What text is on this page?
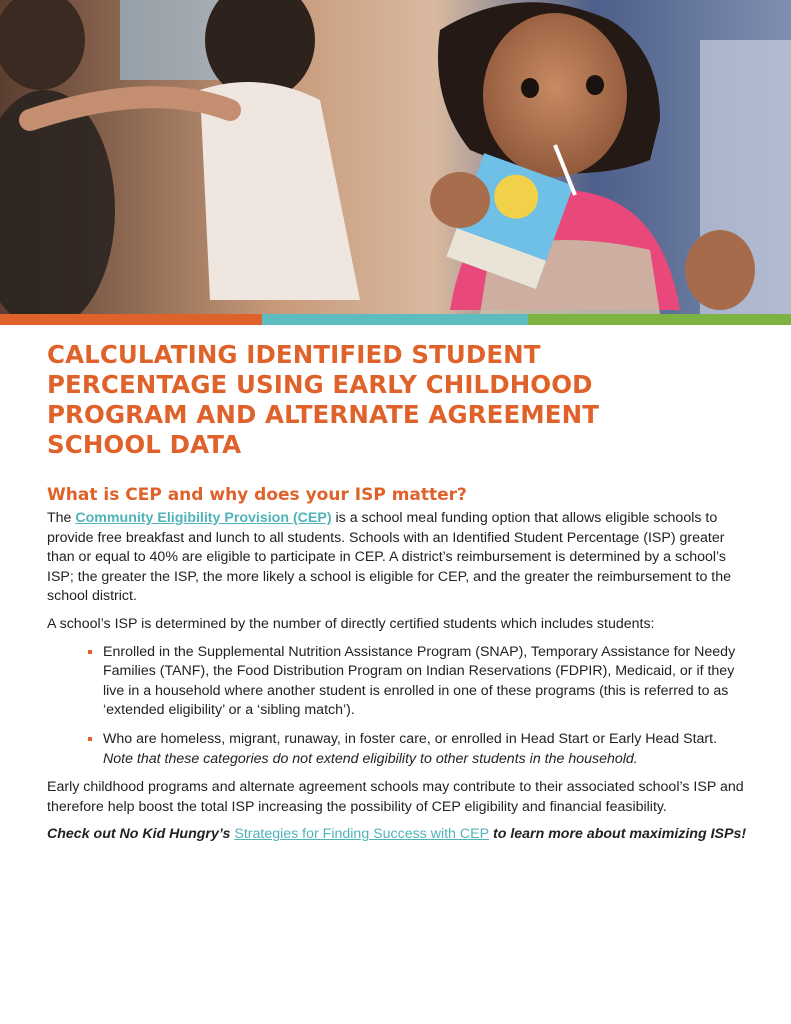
CALCULATING IDENTIFIED STUDENT PERCENTAGE USING EARLY CHILDHOOD PROGRAM AND ALTERNATE AGREEMENT SCHOOL DATA
What is CEP and why does your ISP matter?

The Community Eligibility Provision (CEP) is a school meal funding option that allows eligible schools to provide free breakfast and lunch to all students. Schools with an Identified Student Percentage (ISP) greater than or equal to 40% are eligible to participate in CEP. A district’s reimbursement is determined by a school’s ISP; the greater the ISP, the more likely a school is eligible for CEP, and the greater the reimbursement to the school district.

A school’s ISP is determined by the number of directly certified students which includes students:

Enrolled in the Supplemental Nutrition Assistance Program (SNAP), Temporary Assistance for Needy Families (TANF), the Food Distribution Program on Indian Reservations (FDPIR), Medicaid, or if they live in a household where another student is enrolled in one of these programs (this is referred to as ‘extended eligibility’ or a ‘sibling match’).
Who are homeless, migrant, runaway, in foster care, or enrolled in Head Start or Early Head Start. Note that these categories do not extend eligibility to other students in the household.

Early childhood programs and alternate agreement schools may contribute to their associated school’s ISP and therefore help boost the total ISP increasing the possibility of CEP eligibility and financial feasibility.

Check out No Kid Hungry’s Strategies for Finding Success with CEP to learn more about maximizing ISPs!
